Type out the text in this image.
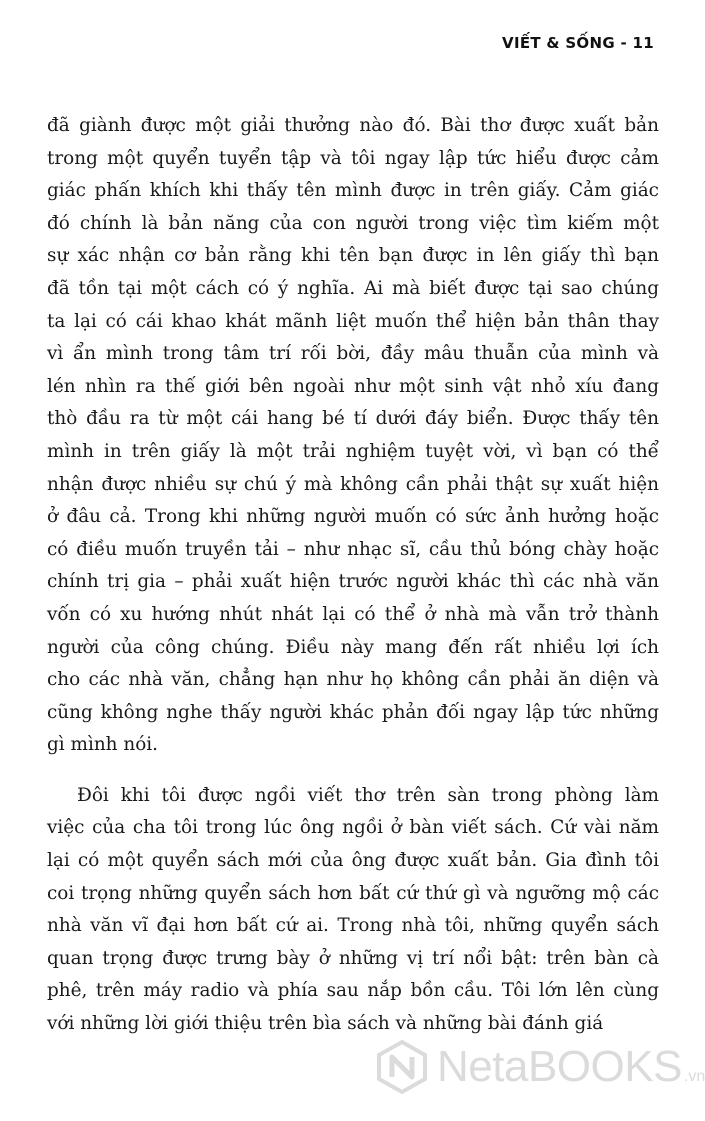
VIẾT & SỐNG - 11
đã giành được một giải thưởng nào đó. Bài thơ được xuất bản
trong một quyển tuyển tập và tôi ngay lập tức hiểu được cảm
giác phấn khích khi thấy tên mình được in trên giấy. Cảm giác
đó chính là bản năng của con người trong việc tìm kiếm một
sự xác nhận cơ bản rằng khi tên bạn được in lên giấy thì bạn
đã tồn tại một cách có ý nghĩa. Ai mà biết được tại sao chúng
ta lại có cái khao khát mãnh liệt muốn thể hiện bản thân thay
vì ẩn mình trong tâm trí rối bời, đầy mâu thuẫn của mình và
lén nhìn ra thế giới bên ngoài như một sinh vật nhỏ xíu đang
thò đầu ra từ một cái hang bé tí dưới đáy biển. Được thấy tên
mình in trên giấy là một trải nghiệm tuyệt vời, vì bạn có thể
nhận được nhiều sự chú ý mà không cần phải thật sự xuất hiện
ở đâu cả. Trong khi những người muốn có sức ảnh hưởng hoặc
có điều muốn truyền tải – như nhạc sĩ, cầu thủ bóng chày hoặc
chính trị gia – phải xuất hiện trước người khác thì các nhà văn
vốn có xu hướng nhút nhát lại có thể ở nhà mà vẫn trở thành
người của công chúng. Điều này mang đến rất nhiều lợi ích
cho các nhà văn, chẳng hạn như họ không cần phải ăn diện và
cũng không nghe thấy người khác phản đối ngay lập tức những
gì mình nói.
Đôi khi tôi được ngồi viết thơ trên sàn trong phòng làm
việc của cha tôi trong lúc ông ngồi ở bàn viết sách. Cứ vài năm
lại có một quyển sách mới của ông được xuất bản. Gia đình tôi
coi trọng những quyển sách hơn bất cứ thứ gì và ngưỡng mộ các
nhà văn vĩ đại hơn bất cứ ai. Trong nhà tôi, những quyển sách
quan trọng được trưng bày ở những vị trí nổi bật: trên bàn cà
phê, trên máy radio và phía sau nắp bồn cầu. Tôi lớn lên cùng
với những lời giới thiệu trên bìa sách và những bài đánh giá
NetaBOOKS .vn
